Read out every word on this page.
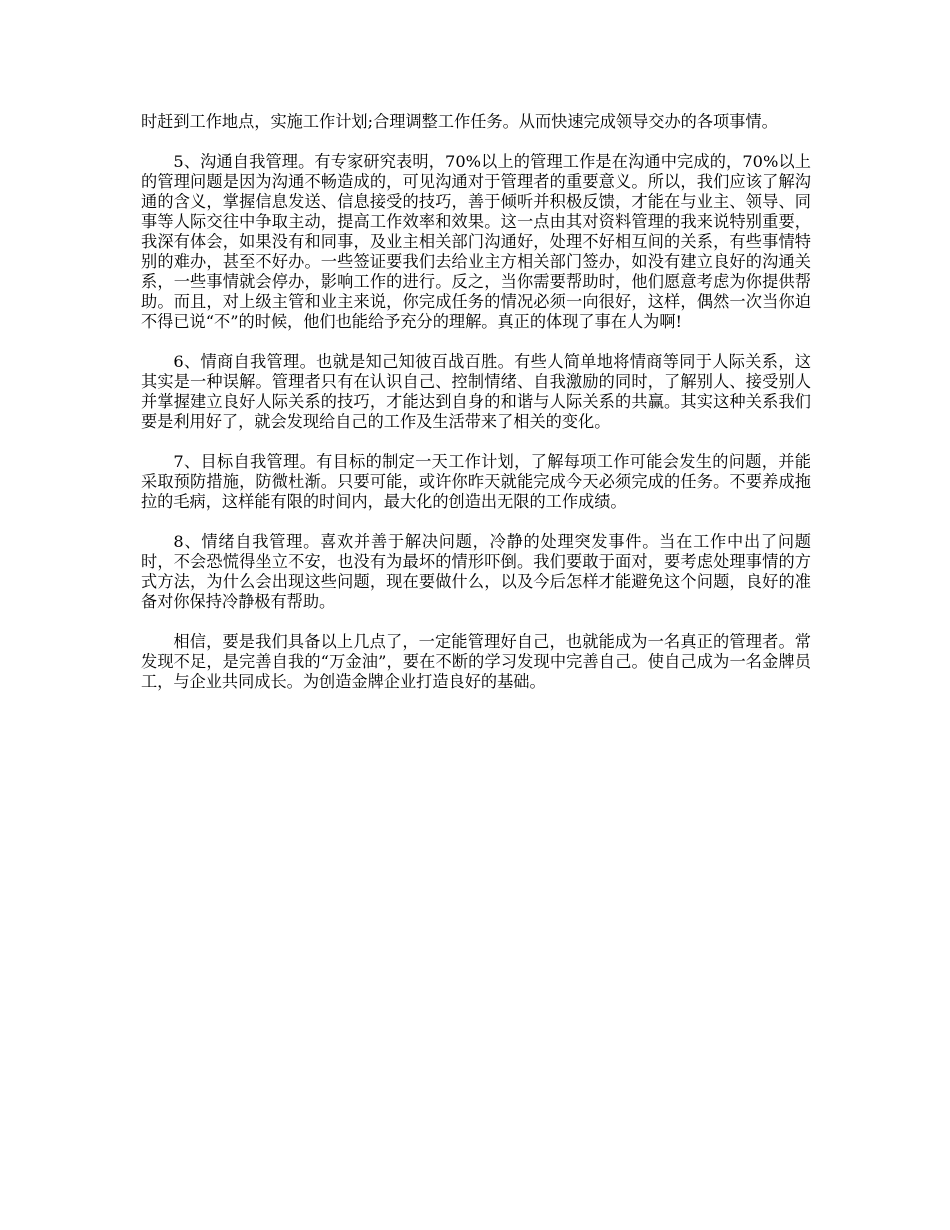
时赶到工作地点，实施工作计划;合理调整工作任务。从而快速完成领导交办的各项事情。

5、沟通自我管理。有专家研究表明，70%以上的管理工作是在沟通中完成的，70%以上的管理问题是因为沟通不畅造成的，可见沟通对于管理者的重要意义。所以，我们应该了解沟通的含义，掌握信息发送、信息接受的技巧，善于倾听并积极反馈，才能在与业主、领导、同事等人际交往中争取主动，提高工作效率和效果。这一点由其对资料管理的我来说特别重要，我深有体会，如果没有和同事，及业主相关部门沟通好，处理不好相互间的关系，有些事情特别的难办，甚至不好办。一些签证要我们去给业主方相关部门签办，如没有建立良好的沟通关系，一些事情就会停办，影响工作的进行。反之，当你需要帮助时，他们愿意考虑为你提供帮助。而且，对上级主管和业主来说，你完成任务的情况必须一向很好，这样，偶然一次当你迫不得已说“不”的时候，他们也能给予充分的理解。真正的体现了事在人为啊!

6、情商自我管理。也就是知己知彼百战百胜。有些人简单地将情商等同于人际关系，这其实是一种误解。管理者只有在认识自己、控制情绪、自我激励的同时，了解别人、接受别人并掌握建立良好人际关系的技巧，才能达到自身的和谐与人际关系的共赢。其实这种关系我们要是利用好了，就会发现给自己的工作及生活带来了相关的变化。

7、目标自我管理。有目标的制定一天工作计划，了解每项工作可能会发生的问题，并能采取预防措施，防微杜渐。只要可能，或许你昨天就能完成今天必须完成的任务。不要养成拖拉的毛病，这样能有限的时间内，最大化的创造出无限的工作成绩。

8、情绪自我管理。喜欢并善于解决问题，冷静的处理突发事件。当在工作中出了问题时，不会恐慌得坐立不安，也没有为最坏的情形吓倒。我们要敢于面对，要考虑处理事情的方式方法，为什么会出现这些问题，现在要做什么，以及今后怎样才能避免这个问题，良好的准备对你保持冷静极有帮助。

相信，要是我们具备以上几点了，一定能管理好自己，也就能成为一名真正的管理者。常发现不足，是完善自我的“万金油”，要在不断的学习发现中完善自己。使自己成为一名金牌员工，与企业共同成长。为创造金牌企业打造良好的基础。
